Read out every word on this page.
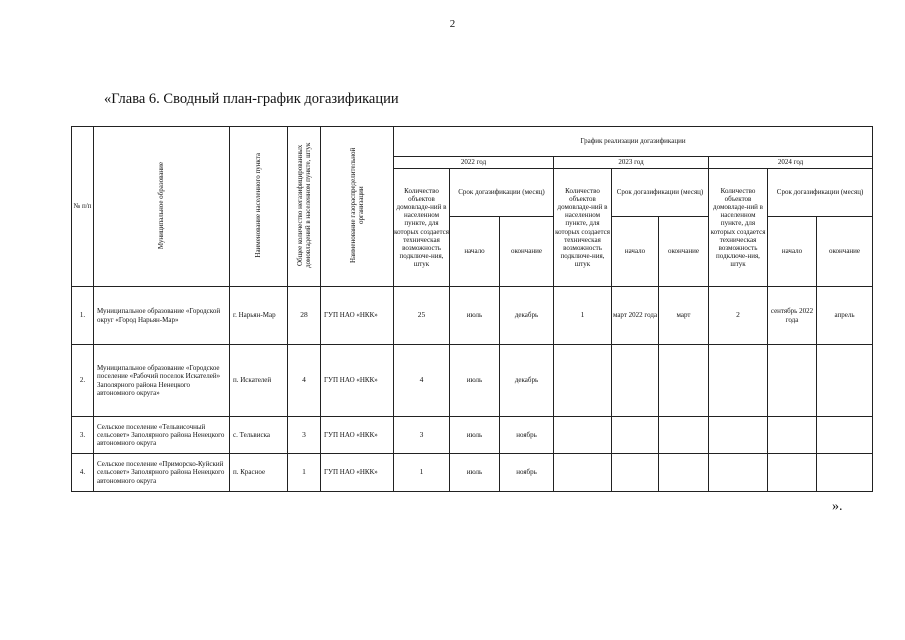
2
«Глава 6. Сводный план-график догазификации
№ п/п	Муниципальное образование	Наименование населенного пункта	Общее количество негазифицированных домовладений в населенном пункте, штук	Наименование газораспределительной организации	График реализации догазификации								
					2022 год			2023 год			2024 год		
					Количество объектов домовладе-ний в населенном пункте, для которых создается техническая возможность подключе-ния, штук	Срок догазификации (месяц)		Количество объектов домовладе-ний в населенном пункте, для которых создается техническая возможность подключе-ния, штук	Срок догазификации (месяц)		Количество объектов домовладе-ний в населенном пункте, для которых создается техническая возможность подключе-ния, штук	Срок догазификации (месяц)	
						начало	окончание		начало	окончание		начало	окончание
1.	Муниципальное образование «Городской округ «Город Нарьян-Мар»	г. Нарьян-Мар	28	ГУП НАО «НКК»	25	июль	декабрь	1	март 2022 года	март	2	сентябрь 2022 года	апрель
2.	Муниципальное образование «Городское поселение «Рабочий поселок Искателей» Заполярного района Ненецкого автономного округа»	п. Искателей	4	ГУП НАО «НКК»	4	июль	декабрь						
3.	Сельское поселение «Тельвисочный сельсовет» Заполярного района Ненецкого автономного округа	с. Тельвиска	3	ГУП НАО «НКК»	3	июль	ноябрь						
4.	Сельское поселение «Приморско-Куйский сельсовет» Заполярного района Ненецкого автономного округа	п. Красное	1	ГУП НАО «НКК»	1	июль	ноябрь						
».
